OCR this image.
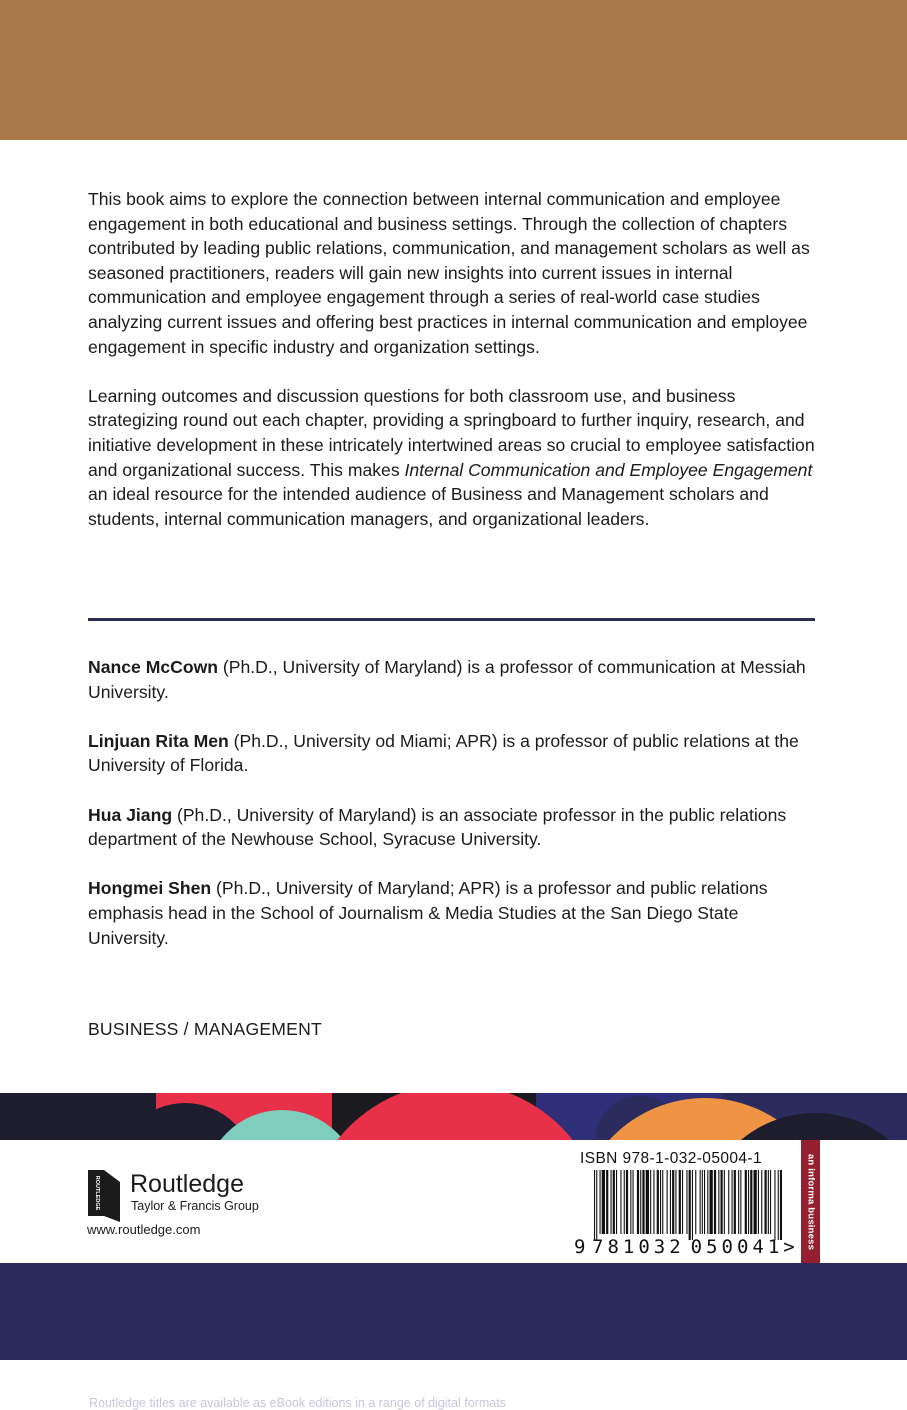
This book aims to explore the connection between internal communication and employee engagement in both educational and business settings. Through the collection of chapters contributed by leading public relations, communication, and management scholars as well as seasoned practitioners, readers will gain new insights into current issues in internal communication and employee engagement through a series of real-world case studies analyzing current issues and offering best practices in internal communication and employee engagement in specific industry and organization settings.

Learning outcomes and discussion questions for both classroom use, and business strategizing round out each chapter, providing a springboard to further inquiry, research, and initiative development in these intricately intertwined areas so crucial to employee satisfaction and organizational success. This makes Internal Communication and Employee Engagement an ideal resource for the intended audience of Business and Management scholars and students, internal communication managers, and organizational leaders.

Nance McCown (Ph.D., University of Maryland) is a professor of communication at Messiah University.

Linjuan Rita Men (Ph.D., University od Miami; APR) is a professor of public relations at the University of Florida.

Hua Jiang (Ph.D., University of Maryland) is an associate professor in the public relations department of the Newhouse School, Syracuse University.

Hongmei Shen (Ph.D., University of Maryland; APR) is a professor and public relations emphasis head in the School of Journalism & Media Studies at the San Diego State University.

BUSINESS / MANAGEMENT
ROUTLEDGE Routledge
Taylor & Francis Group
www.routledge.com
ISBN 978-1-032-05004-1
9 781032 050041> an informa business
Routledge titles are available as eBook editions in a range of digital formats
